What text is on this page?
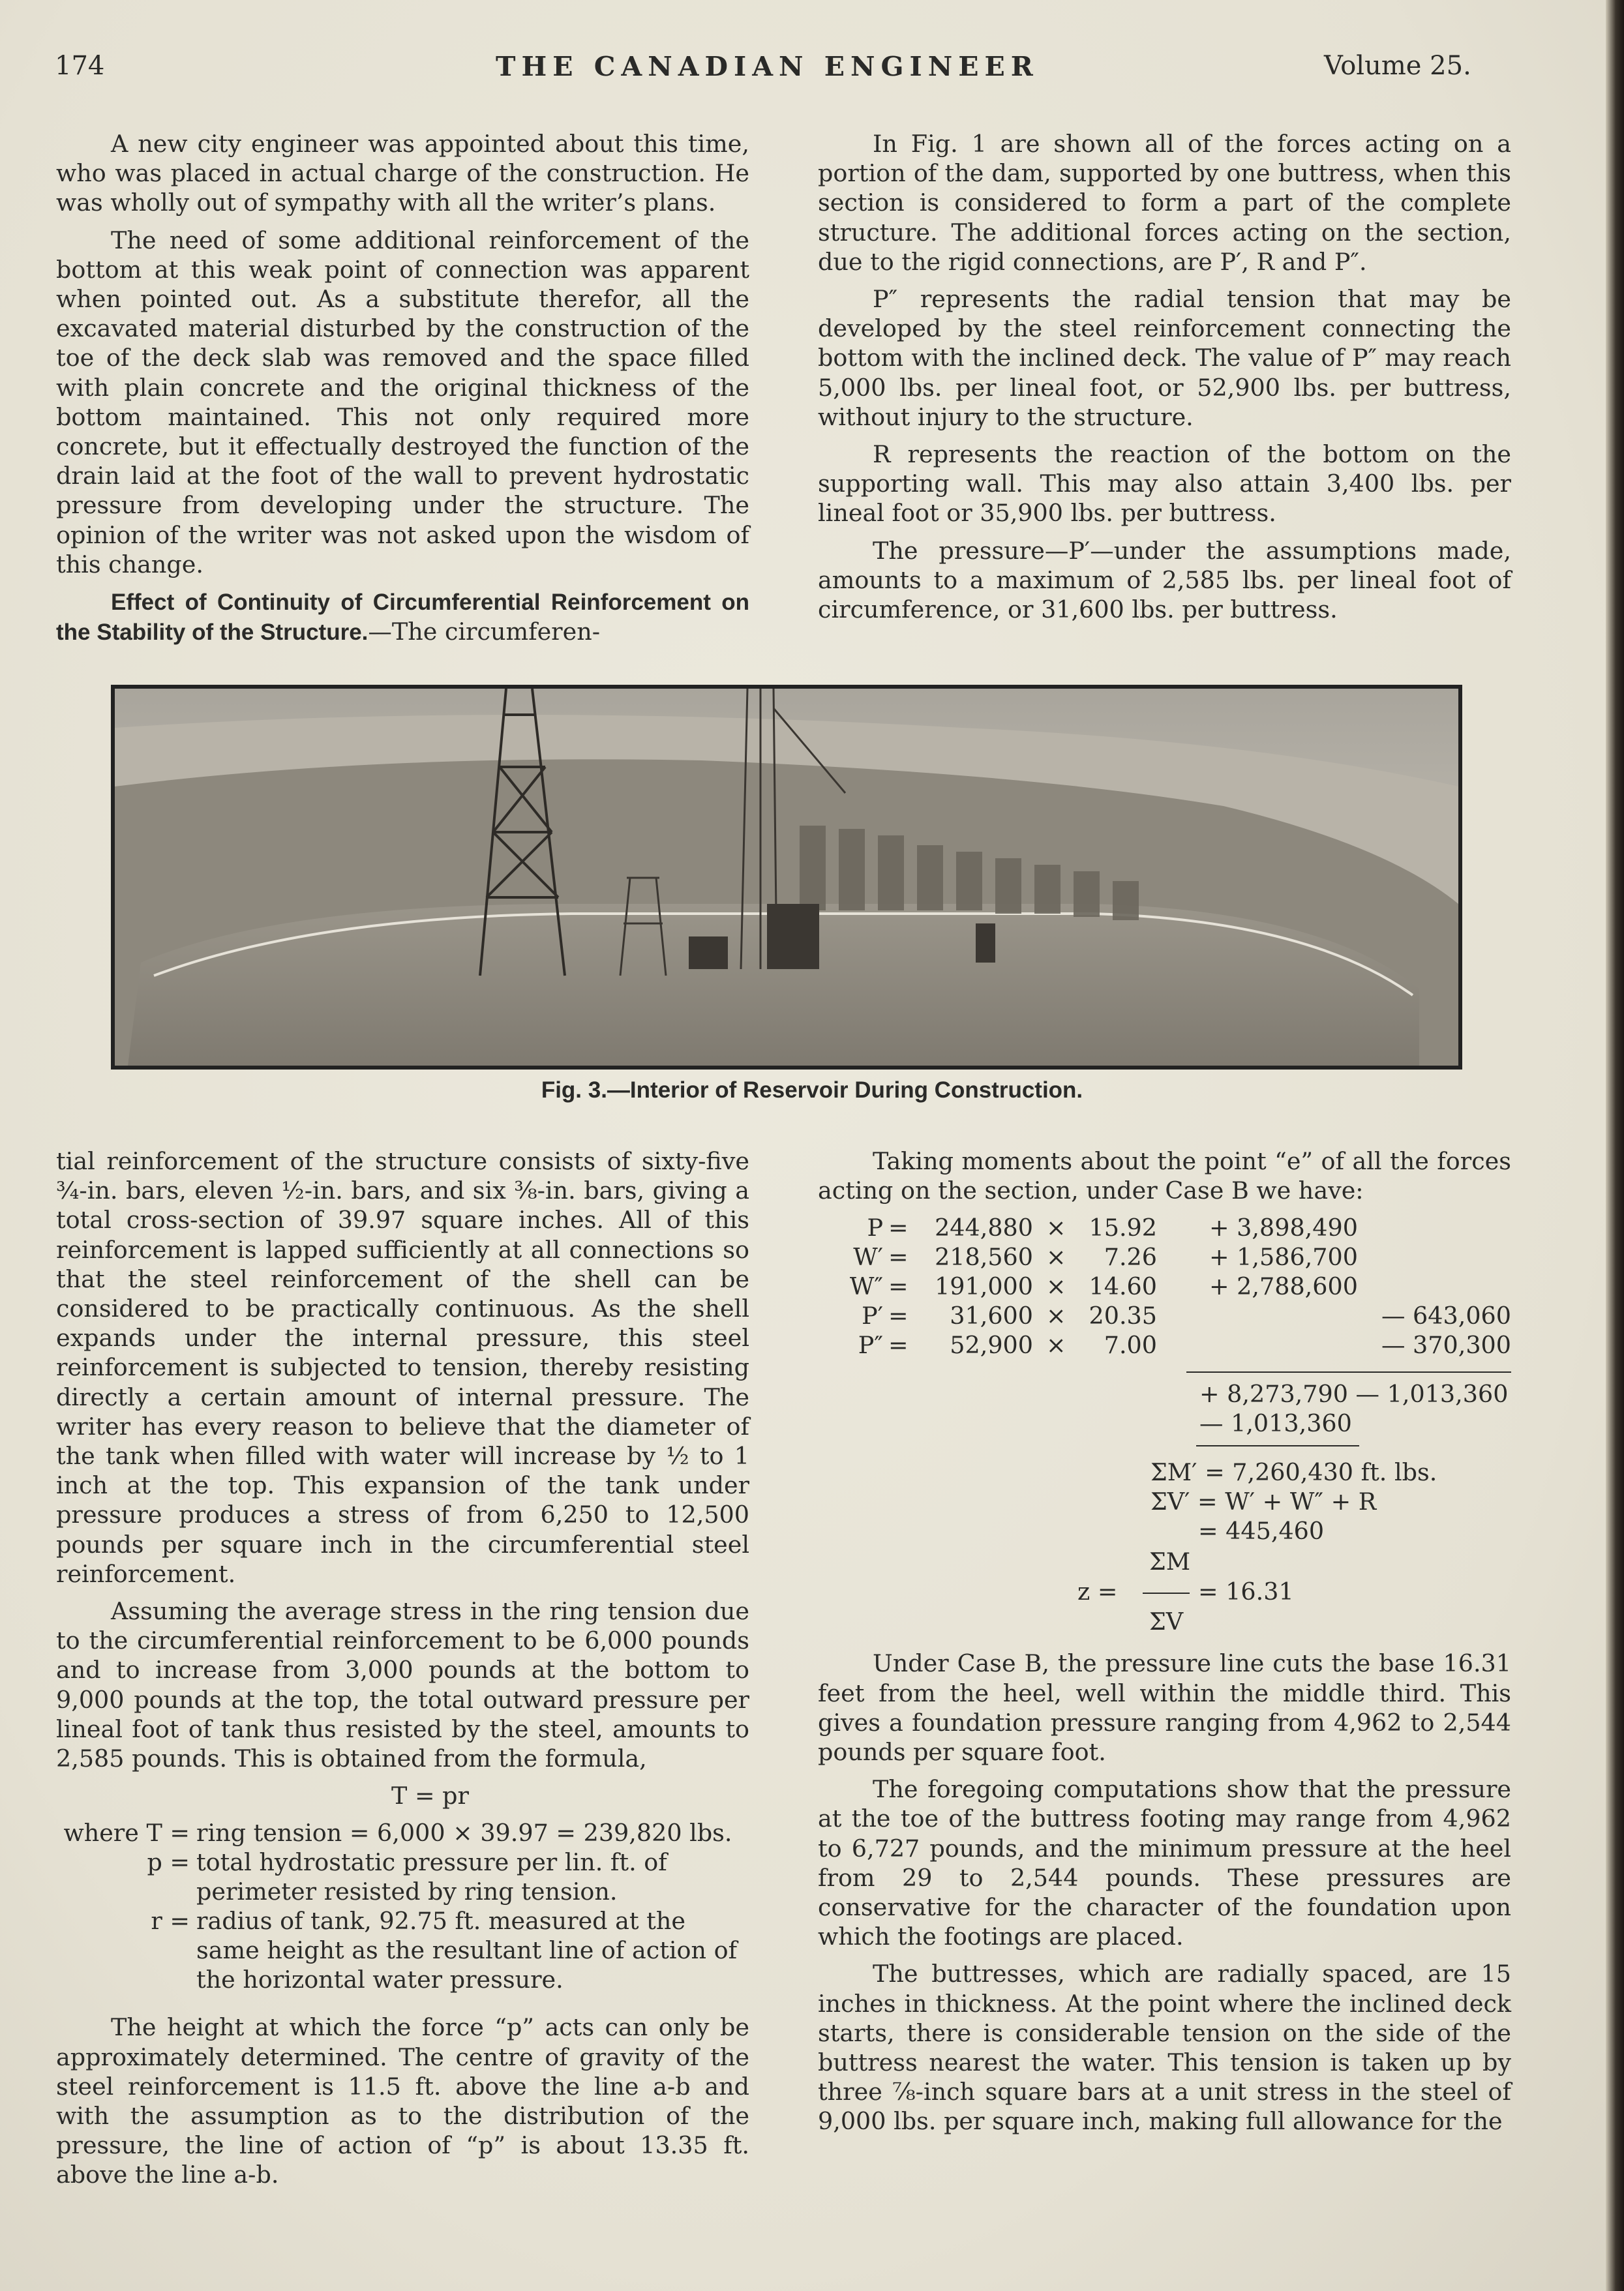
174	THE CANADIAN ENGINEER	Volume 25.

A new city engineer was appointed about this time, who was placed in actual charge of the construction. He was wholly out of sympathy with all the writer’s plans.

The need of some additional reinforcement of the bottom at this weak point of connection was apparent when pointed out. As a substitute therefor, all the excavated material disturbed by the construction of the toe of the deck slab was removed and the space filled with plain concrete and the original thickness of the bottom maintained. This not only required more concrete, but it effectually destroyed the function of the drain laid at the foot of the wall to prevent hydrostatic pressure from developing under the structure. The opinion of the writer was not asked upon the wisdom of this change.

Effect of Continuity of Circumferential Reinforcement on the Stability of the Structure.—The circumferen-

In Fig. 1 are shown all of the forces acting on a portion of the dam, supported by one buttress, when this section is considered to form a part of the complete structure. The additional forces acting on the section, due to the rigid connections, are P′, R and P″.

P″ represents the radial tension that may be developed by the steel reinforcement connecting the bottom with the inclined deck. The value of P″ may reach 5,000 lbs. per lineal foot, or 52,900 lbs. per buttress, without injury to the structure.

R represents the reaction of the bottom on the supporting wall. This may also attain 3,400 lbs. per lineal foot or 35,900 lbs. per buttress.

The pressure—P′—under the assumptions made, amounts to a maximum of 2,585 lbs. per lineal foot of circumference, or 31,600 lbs. per buttress.

Fig. 3.—Interior of Reservoir During Construction.

tial reinforcement of the structure consists of sixty-five ¾-in. bars, eleven ½-in. bars, and six ⅜-in. bars, giving a total cross-section of 39.97 square inches. All of this reinforcement is lapped sufficiently at all connections so that the steel reinforcement of the shell can be considered to be practically continuous. As the shell expands under the internal pressure, this steel reinforcement is subjected to tension, thereby resisting directly a certain amount of internal pressure. The writer has every reason to believe that the diameter of the tank when filled with water will increase by ½ to 1 inch at the top. This expansion of the tank under pressure produces a stress of from 6,250 to 12,500 pounds per square inch in the circumferential steel reinforcement.

Assuming the average stress in the ring tension due to the circumferential reinforcement to be 6,000 pounds and to increase from 3,000 pounds at the bottom to 9,000 pounds at the top, the total outward pressure per lineal foot of tank thus resisted by the steel, amounts to 2,585 pounds. This is obtained from the formula,

T = pr

where T =	ring tension = 6,000 × 39.97 = 239,820 lbs.
p =	total hydrostatic pressure per lin. ft. of perimeter resisted by ring tension.
r =	radius of tank, 92.75 ft. measured at the same height as the resultant line of action of the horizontal water pressure.

The height at which the force “p” acts can only be approximately determined. The centre of gravity of the steel reinforcement is 11.5 ft. above the line a-b and with the assumption as to the distribution of the pressure, the line of action of “p” is about 13.35 ft. above the line a-b.

Taking moments about the point “e” of all the forces acting on the section, under Case B we have:

P =	244,880 × 15.92 + 3,898,490
W′ =	218,560 ×	7.26 + 1,586,700
W″ =	191,000 × 14.60 + 2,788,600
P′ =	31,600 × 20.35	— 643,060
P″ =	52,900 ×	7.00	— 370,300
+ 8,273,790 — 1,013,360
— 1,013,360
ΣM′ = 7,260,430 ft. lbs.
ΣV′ = W′ + W″ + R
= 445,460
ΣM
z =	= 16.31
ΣV

Under Case B, the pressure line cuts the base 16.31 feet from the heel, well within the middle third. This gives a foundation pressure ranging from 4,962 to 2,544 pounds per square foot.

The foregoing computations show that the pressure at the toe of the buttress footing may range from 4,962 to 6,727 pounds, and the minimum pressure at the heel from 29 to 2,544 pounds. These pressures are conservative for the character of the foundation upon which the footings are placed.

The buttresses, which are radially spaced, are 15 inches in thickness. At the point where the inclined deck starts, there is considerable tension on the side of the buttress nearest the water. This tension is taken up by three ⅞-inch square bars at a unit stress in the steel of 9,000 lbs. per square inch, making full allowance for the
